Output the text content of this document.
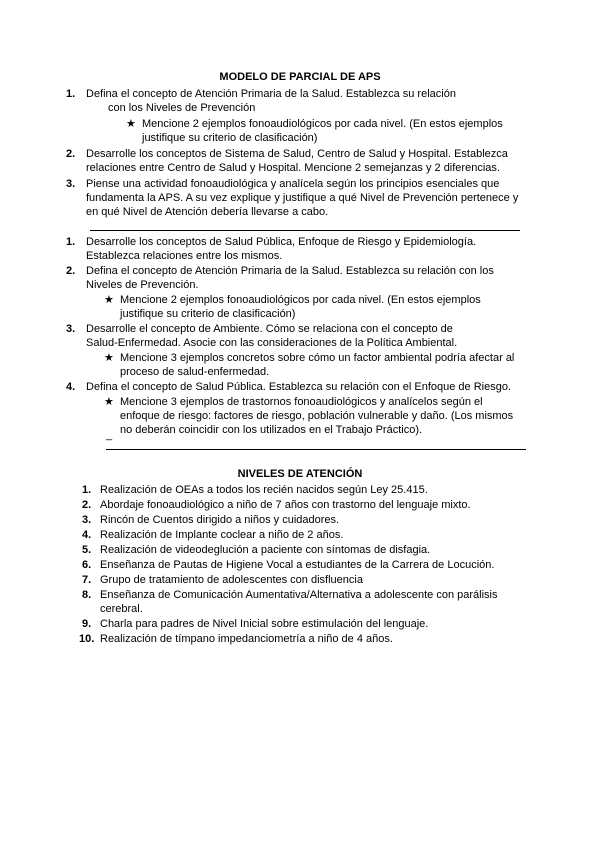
MODELO DE PARCIAL DE APS
1. Defina el concepto de Atención Primaria de la Salud. Establezca su relación
con los Niveles de Prevención
★ Mencione 2 ejemplos fonoaudiológicos por cada nivel. (En estos ejemplos
justifique su criterio de clasificación)
2. Desarrolle los conceptos de Sistema de Salud, Centro de Salud y Hospital. Establezca
relaciones entre Centro de Salud y Hospital. Mencione 2 semejanzas y 2 diferencias.
3. Piense una actividad fonoaudiológica y analícela según los principios esenciales que
fundamenta la APS. A su vez explique y justifique a qué Nivel de Prevención pertenece y
en qué Nivel de Atención debería llevarse a cabo.
1. Desarrolle los conceptos de Salud Pública, Enfoque de Riesgo y Epidemiología.
Establezca relaciones entre los mismos.
2. Defina el concepto de Atención Primaria de la Salud. Establezca su relación con los
Niveles de Prevención.
★ Mencione 2 ejemplos fonoaudiológicos por cada nivel. (En estos ejemplos
justifique su criterio de clasificación)
3. Desarrolle el concepto de Ambiente. Cómo se relaciona con el concepto de
Salud-Enfermedad. Asocie con las consideraciones de la Política Ambiental.
★ Mencione 3 ejemplos concretos sobre cómo un factor ambiental podría afectar al
proceso de salud-enfermedad.
4. Defina el concepto de Salud Pública. Establezca su relación con el Enfoque de Riesgo.
★ Mencione 3 ejemplos de trastornos fonoaudiológicos y analícelos según el
enfoque de riesgo: factores de riesgo, población vulnerable y daño. (Los mismos
no deberán coincidir con los utilizados en el Trabajo Práctico).
_
NIVELES DE ATENCIÓN
1. Realización de OEAs a todos los recién nacidos según Ley 25.415.
2. Abordaje fonoaudiológico a niño de 7 años con trastorno del lenguaje mixto.
3. Rincón de Cuentos dirigido a niños y cuidadores.
4. Realización de Implante coclear a niño de 2 años.
5. Realización de videodeglución a paciente con síntomas de disfagia.
6. Enseñanza de Pautas de Higiene Vocal a estudiantes de la Carrera de Locución.
7. Grupo de tratamiento de adolescentes con disfluencia
8. Enseñanza de Comunicación Aumentativa/Alternativa a adolescente con parálisis
cerebral.
9. Charla para padres de Nivel Inicial sobre estimulación del lenguaje.
10. Realización de tímpano impedanciometría a niño de 4 años.
